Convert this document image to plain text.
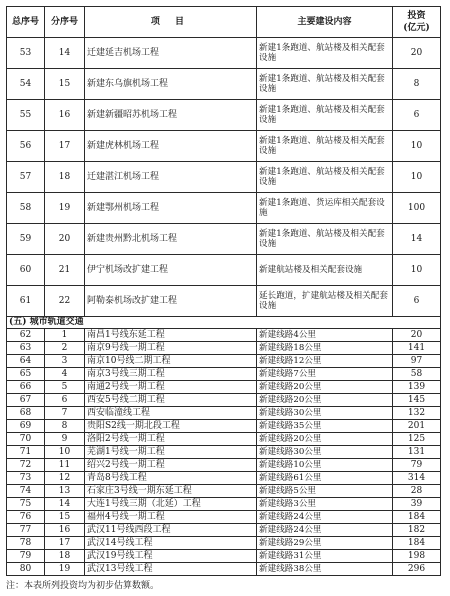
总序号	分序号	项 目	主要建设内容	投资
(亿元)
53	14	迁建延吉机场工程	新建1条跑道、航站楼及相关配套设施	20
54	15	新建东乌旗机场工程	新建1条跑道、航站楼及相关配套设施	8
55	16	新建新疆昭苏机场工程	新建1条跑道、航站楼及相关配套设施	6
56	17	新建虎林机场工程	新建1条跑道、航站楼及相关配套设施	10
57	18	迁建湛江机场工程	新建1条跑道、航站楼及相关配套设施	10
58	19	新建鄂州机场工程	新建1条跑道、货运库相关配套设施	100
59	20	新建贵州黔北机场工程	新建1条跑道、航站楼及相关配套设施	14
60	21	伊宁机场改扩建工程	新建航站楼及相关配套设施	10
61	22	阿勒泰机场改扩建工程	延长跑道，扩建航站楼及相关配套设施	6
(五) 城市轨道交通				
62	1	南昌1号线东延工程	新建线路4公里	20
63	2	南京9号线一期工程	新建线路18公里	141
64	3	南京10号线二期工程	新建线路12公里	97
65	4	南京3号线三期工程	新建线路7公里	58
66	5	南通2号线一期工程	新建线路20公里	139
67	6	西安5号线二期工程	新建线路20公里	145
68	7	西安临潼线工程	新建线路30公里	132
69	8	贵阳S2线一期北段工程	新建线路35公里	201
70	9	洛阳2号线一期工程	新建线路20公里	125
71	10	芜湖1号线一期工程	新建线路30公里	131
72	11	绍兴2号线一期工程	新建线路10公里	79
73	12	青岛8号线工程	新建线路61公里	314
74	13	石家庄3号线一期东延工程	新建线路5公里	28
75	14	大连1号线三期（北延）工程	新建线路3公里	39
76	15	福州4号线一期工程	新建线路24公里	184
77	16	武汉11号线西段工程	新建线路24公里	182
78	17	武汉14号线工程	新建线路29公里	184
79	18	武汉19号线工程	新建线路31公里	198
80	19	武汉13号线工程	新建线路38公里	296
注：本表所列投资均为初步估算数额。
